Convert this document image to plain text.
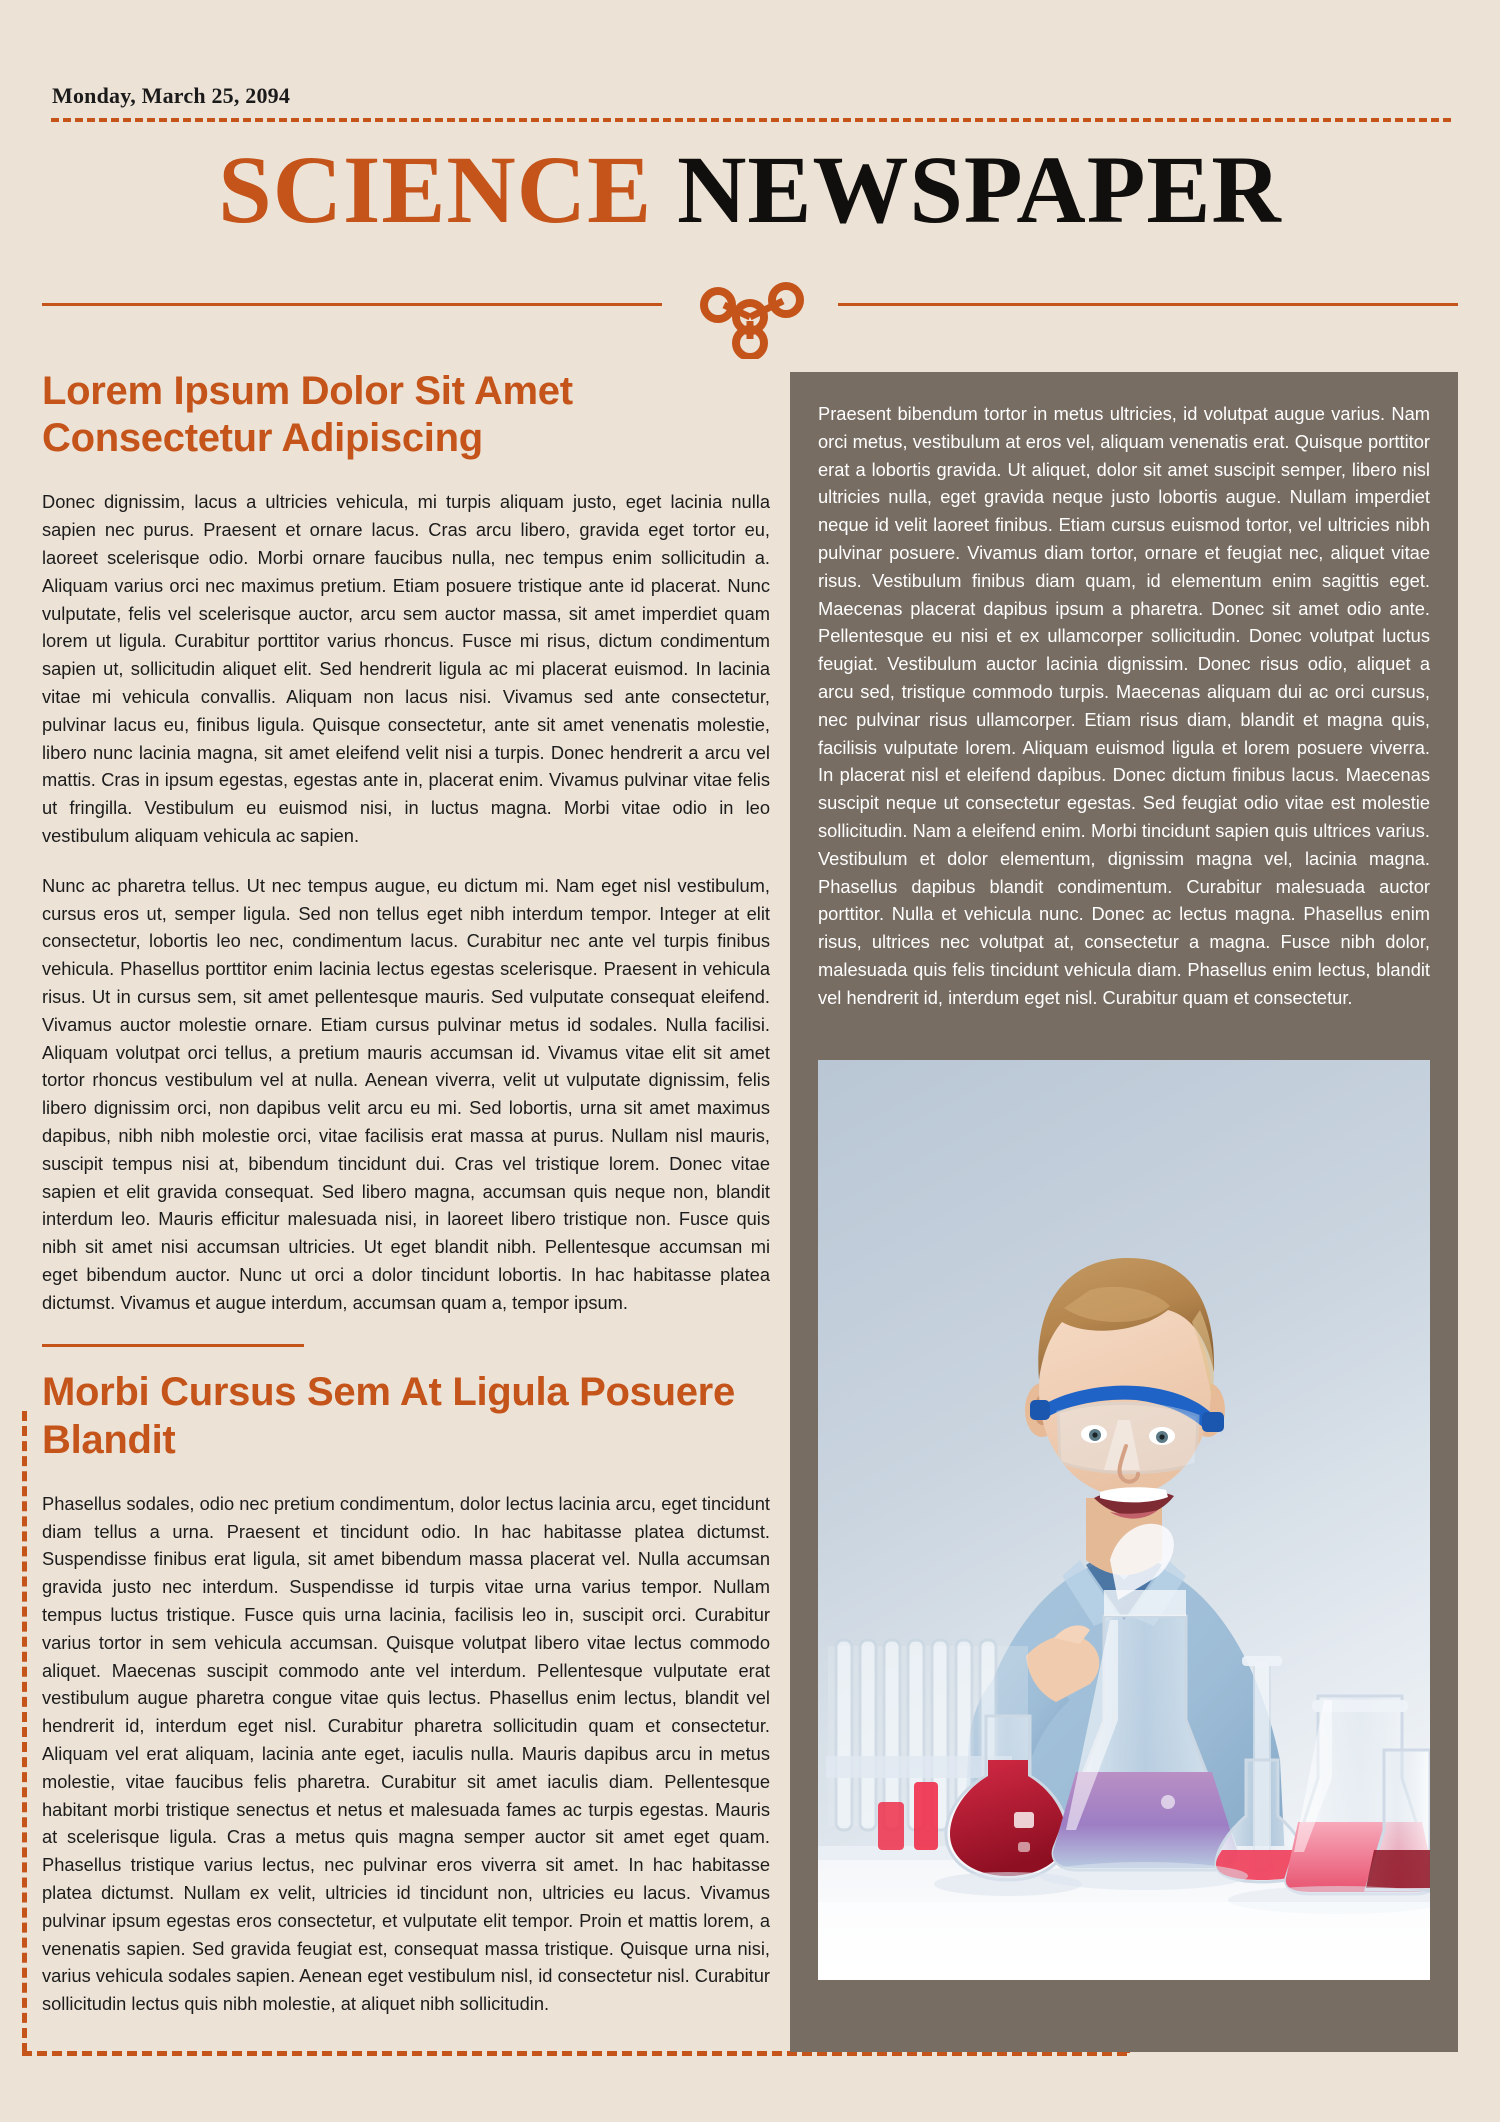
Monday, March 25, 2094
SCIENCE NEWSPAPER
Lorem Ipsum Dolor Sit Amet Consectetur Adipiscing

Donec dignissim, lacus a ultricies vehicula, mi turpis aliquam justo, eget lacinia nulla sapien nec purus. Praesent et ornare lacus. Cras arcu libero, gravida eget tortor eu, laoreet scelerisque odio. Morbi ornare faucibus nulla, nec tempus enim sollicitudin a. Aliquam varius orci nec maximus pretium. Etiam posuere tristique ante id placerat. Nunc vulputate, felis vel scelerisque auctor, arcu sem auctor massa, sit amet imperdiet quam lorem ut ligula. Curabitur porttitor varius rhoncus. Fusce mi risus, dictum condimentum sapien ut, sollicitudin aliquet elit. Sed hendrerit ligula ac mi placerat euismod. In lacinia vitae mi vehicula convallis. Aliquam non lacus nisi. Vivamus sed ante consectetur, pulvinar lacus eu, finibus ligula. Quisque consectetur, ante sit amet venenatis molestie, libero nunc lacinia magna, sit amet eleifend velit nisi a turpis. Donec hendrerit a arcu vel mattis. Cras in ipsum egestas, egestas ante in, placerat enim. Vivamus pulvinar vitae felis ut fringilla. Vestibulum eu euismod nisi, in luctus magna. Morbi vitae odio in leo vestibulum aliquam vehicula ac sapien.

Nunc ac pharetra tellus. Ut nec tempus augue, eu dictum mi. Nam eget nisl vestibulum, cursus eros ut, semper ligula. Sed non tellus eget nibh interdum tempor. Integer at elit consectetur, lobortis leo nec, condimentum lacus. Curabitur nec ante vel turpis finibus vehicula. Phasellus porttitor enim lacinia lectus egestas scelerisque. Praesent in vehicula risus. Ut in cursus sem, sit amet pellentesque mauris. Sed vulputate consequat eleifend. Vivamus auctor molestie ornare. Etiam cursus pulvinar metus id sodales. Nulla facilisi. Aliquam volutpat orci tellus, a pretium mauris accumsan id. Vivamus vitae elit sit amet tortor rhoncus vestibulum vel at nulla. Aenean viverra, velit ut vulputate dignissim, felis libero dignissim orci, non dapibus velit arcu eu mi. Sed lobortis, urna sit amet maximus dapibus, nibh nibh molestie orci, vitae facilisis erat massa at purus. Nullam nisl mauris, suscipit tempus nisi at, bibendum tincidunt dui. Cras vel tristique lorem. Donec vitae sapien et elit gravida consequat. Sed libero magna, accumsan quis neque non, blandit interdum leo. Mauris efficitur malesuada nisi, in laoreet libero tristique non. Fusce quis nibh sit amet nisi accumsan ultricies. Ut eget blandit nibh. Pellentesque accumsan mi eget bibendum auctor. Nunc ut orci a dolor tincidunt lobortis. In hac habitasse platea dictumst. Vivamus et augue interdum, accumsan quam a, tempor ipsum.

Morbi Cursus Sem At Ligula Posuere Blandit

Phasellus sodales, odio nec pretium condimentum, dolor lectus lacinia arcu, eget tincidunt diam tellus a urna. Praesent et tincidunt odio. In hac habitasse platea dictumst. Suspendisse finibus erat ligula, sit amet bibendum massa placerat vel. Nulla accumsan gravida justo nec interdum. Suspendisse id turpis vitae urna varius tempor. Nullam tempus luctus tristique. Fusce quis urna lacinia, facilisis leo in, suscipit orci. Curabitur varius tortor in sem vehicula accumsan. Quisque volutpat libero vitae lectus commodo aliquet. Maecenas suscipit commodo ante vel interdum. Pellentesque vulputate erat vestibulum augue pharetra congue vitae quis lectus. Phasellus enim lectus, blandit vel hendrerit id, interdum eget nisl. Curabitur pharetra sollicitudin quam et consectetur. Aliquam vel erat aliquam, lacinia ante eget, iaculis nulla. Mauris dapibus arcu in metus molestie, vitae faucibus felis pharetra. Curabitur sit amet iaculis diam. Pellentesque habitant morbi tristique senectus et netus et malesuada fames ac turpis egestas. Mauris at scelerisque ligula. Cras a metus quis magna semper auctor sit amet eget quam. Phasellus tristique varius lectus, nec pulvinar eros viverra sit amet. In hac habitasse platea dictumst. Nullam ex velit, ultricies id tincidunt non, ultricies eu lacus. Vivamus pulvinar ipsum egestas eros consectetur, et vulputate elit tempor. Proin et mattis lorem, a venenatis sapien. Sed gravida feugiat est, consequat massa tristique. Quisque urna nisi, varius vehicula sodales sapien. Aenean eget vestibulum nisl, id consectetur nisl. Curabitur sollicitudin lectus quis nibh molestie, at aliquet nibh sollicitudin.

Praesent bibendum tortor in metus ultricies, id volutpat augue varius. Nam orci metus, vestibulum at eros vel, aliquam venenatis erat. Quisque porttitor erat a lobortis gravida. Ut aliquet, dolor sit amet suscipit semper, libero nisl ultricies nulla, eget gravida neque justo lobortis augue. Nullam imperdiet neque id velit laoreet finibus. Etiam cursus euismod tortor, vel ultricies nibh pulvinar posuere. Vivamus diam tortor, ornare et feugiat nec, aliquet vitae risus. Vestibulum finibus diam quam, id elementum enim sagittis eget. Maecenas placerat dapibus ipsum a pharetra. Donec sit amet odio ante. Pellentesque eu nisi et ex ullamcorper sollicitudin. Donec volutpat luctus feugiat. Vestibulum auctor lacinia dignissim. Donec risus odio, aliquet a arcu sed, tristique commodo turpis. Maecenas aliquam dui ac orci cursus, nec pulvinar risus ullamcorper. Etiam risus diam, blandit et magna quis, facilisis vulputate lorem. Aliquam euismod ligula et lorem posuere viverra. In placerat nisl et eleifend dapibus. Donec dictum finibus lacus. Maecenas suscipit neque ut consectetur egestas. Sed feugiat odio vitae est molestie sollicitudin. Nam a eleifend enim. Morbi tincidunt sapien quis ultrices varius. Vestibulum et dolor elementum, dignissim magna vel, lacinia magna. Phasellus dapibus blandit condimentum. Curabitur malesuada auctor porttitor. Nulla et vehicula nunc. Donec ac lectus magna. Phasellus enim risus, ultrices nec volutpat at, consectetur a magna. Fusce nibh dolor, malesuada quis felis tincidunt vehicula diam. Phasellus enim lectus, blandit vel hendrerit id, interdum eget nisl. Curabitur quam et consectetur.
